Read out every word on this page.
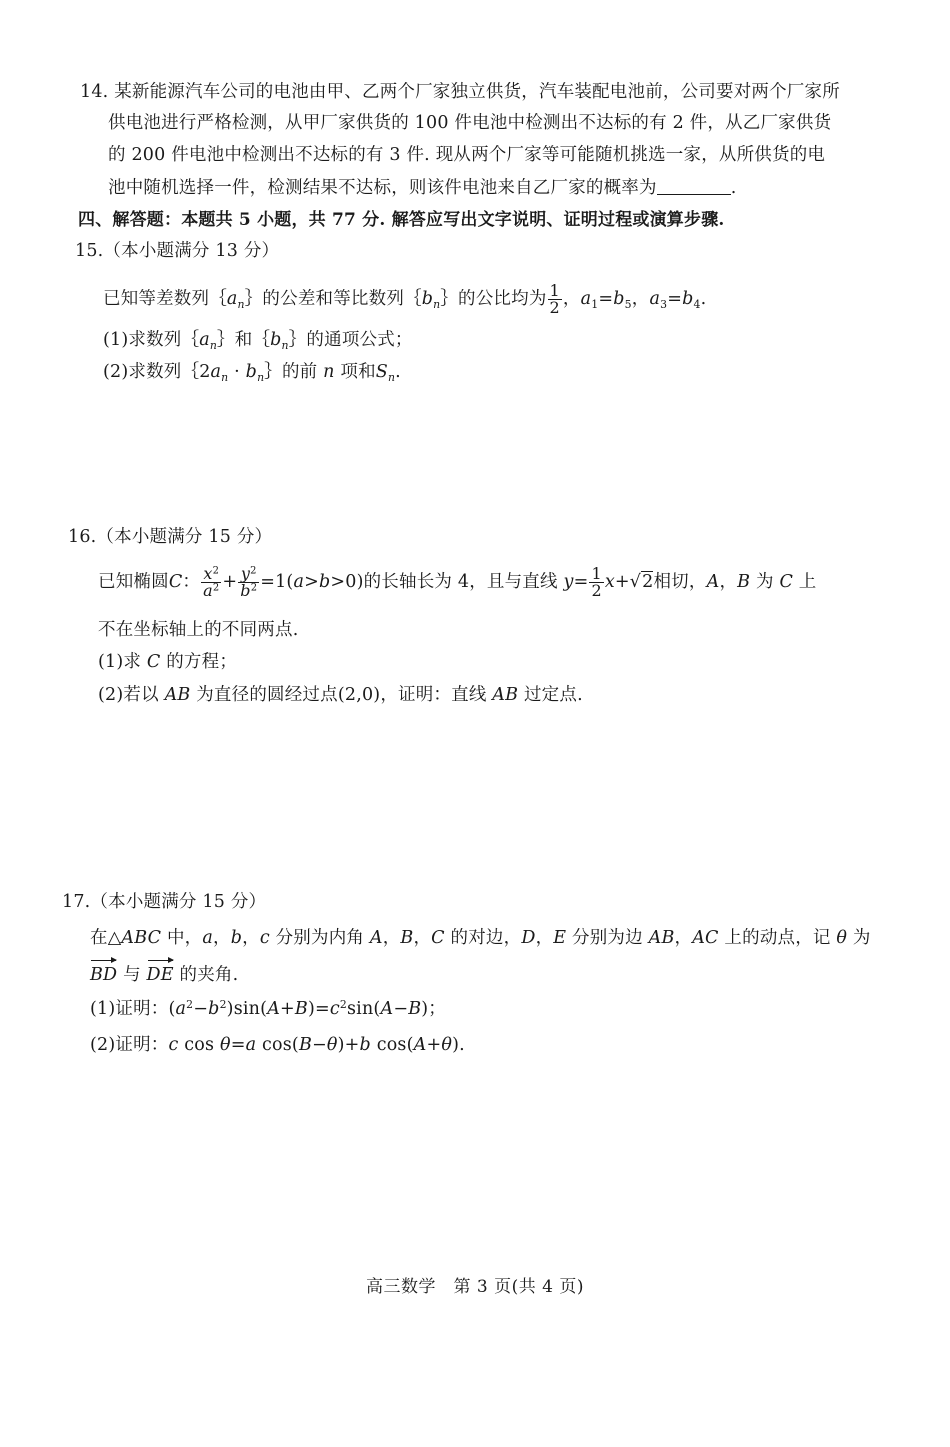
14. 某新能源汽车公司的电池由甲、乙两个厂家独立供货，汽车装配电池前，公司要对两个厂家所
供电池进行严格检测，从甲厂家供货的 100 件电池中检测出不达标的有 2 件，从乙厂家供货
的 200 件电池中检测出不达标的有 3 件. 现从两个厂家等可能随机挑选一家，从所供货的电
池中随机选择一件，检测结果不达标，则该件电池来自乙厂家的概率为	.
四、解答题：本题共 5 小题，共 77 分. 解答应写出文字说明、证明过程或演算步骤.
15.（本小题满分 13 分）
已知等差数列$\{a_n\}$的公差和等比数列$\{b_n\}$的公比均为 $\frac{1}{2}$ ，$a_1=b_5$，$a_3=b_4$.
(1)求数列$\{a_n\}$和$\{b_n\}$的通项公式；
(2)求数列$\{2a_n$ · $b_n\}$的前 n 项和$S_n$.
16.（本小题满分 15 分）
已知椭圆C： $\frac{x^2}{a^2} + \frac{y^2}{b^2} =1(a>b>0)$的长轴长为 4，且与直线 $y= \frac{1}{2} x+√2$相切，A，B 为 C 上
不在坐标轴上的不同两点.
(1)求 C 的方程；
(2)若以 AB 为直径的圆经过点(2,0)，证明：直线 AB 过定点.
17.（本小题满分 15 分）
在△ABC 中，a，b，c 分别为内角 A，B，C 的对边，D，E 分别为边 AB，AC 上的动点，记 θ 为
BD 与 DE 的夹角.
(1)证明：$(a^2-b^2)\sin(A+B)=c^2\sin(A-B)$；
(2)证明：c cos θ=a cos(B−θ)+b cos(A+θ).
高三数学　第 3 页(共 4 页)
